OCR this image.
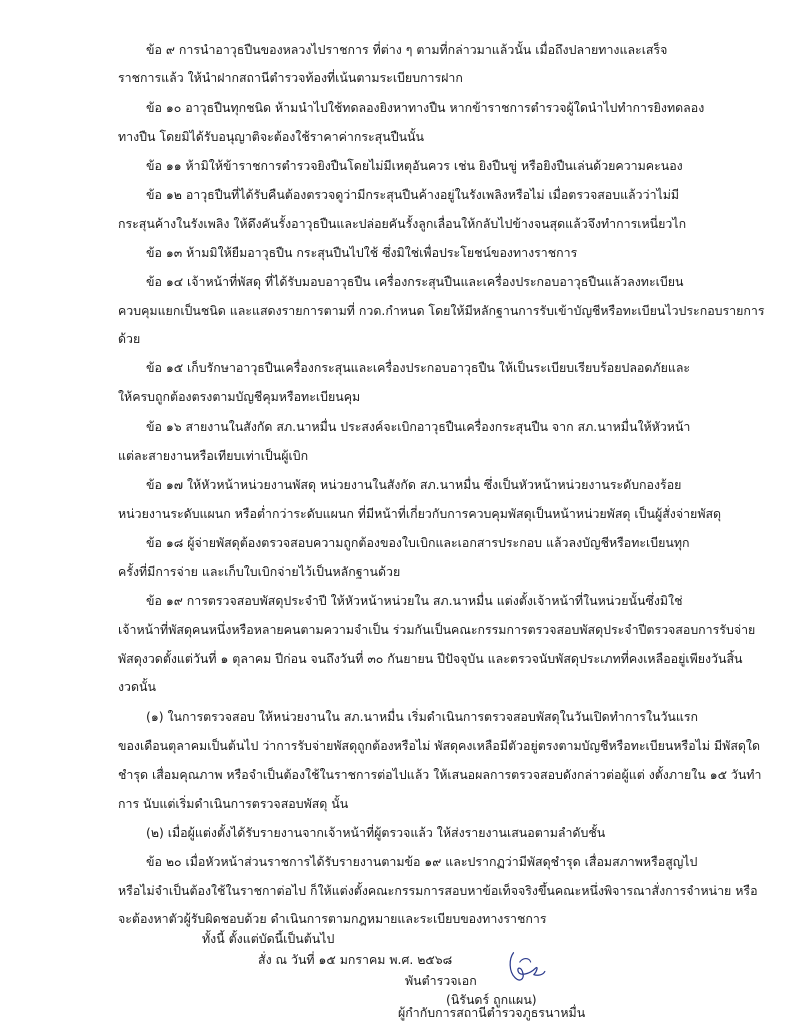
ข้อ ๙ การนำอาวุธปืนของหลวงไปราชการ ที่ต่าง ๆ ตามที่กล่าวมาแล้วนั้น เมื่อถึงปลายทางและเสร็จ
ราชการแล้ว ให้นำฝากสถานีตำรวจท้องที่เน้นตามระเบียบการฝาก
ข้อ ๑๐ อาวุธปืนทุกชนิด ห้ามนำไปใช้ทดลองยิงหาทางปืน หากข้าราชการตำรวจผู้ใดนำไปทำการยิงทดลอง
ทางปืน โดยมิได้รับอนุญาติจะต้องใช้ราคาค่ากระสุนปืนนั้น
ข้อ ๑๑ ห้ามิให้ข้าราชการตำรวจยิงปืนโดยไม่มีเหตุอันควร เช่น ยิงปืนขู่ หรือยิงปืนเล่นด้วยความคะนอง
ข้อ ๑๒ อาวุธปืนที่ได้รับคืนต้องตรวจดูว่ามีกระสุนปืนค้างอยู่ในรังเพลิงหรือไม่ เมื่อตรวจสอบแล้วว่าไม่มี
กระสุนค้างในรังเพลิง ให้ดึงคันรั้งอาวุธปืนและปล่อยคันรั้งลูกเลื่อนให้กลับไปข้างจนสุดแล้วจึงทำการเหนี่ยวไก
ข้อ ๑๓ ห้ามมิให้ยืมอาวุธปืน กระสุนปืนไปใช้ ซึ่งมิใช่เพื่อประโยชน์ของทางราชการ
ข้อ ๑๔ เจ้าหน้าที่พัสดุ ที่ได้รับมอบอาวุธปืน เครื่องกระสุนปืนและเครื่องประกอบอาวุธปืนแล้วลงทะเบียน
ควบคุมแยกเป็นชนิด และแสดงรายการตามที่ กวด.กำหนด โดยให้มีหลักฐานการรับเข้าบัญชีหรือทะเบียนไวประกอบรายการ
ด้วย
ข้อ ๑๕ เก็บรักษาอาวุธปืนเครื่องกระสุนและเครื่องประกอบอาวุธปืน ให้เป็นระเบียบเรียบร้อยปลอดภัยและ
ให้ครบถูกต้องตรงตามบัญชีคุมหรือทะเบียนคุม
ข้อ ๑๖ สายงานในสังกัด สภ.นาหมื่น ประสงค์จะเบิกอาวุธปืนเครื่องกระสุนปืน จาก สภ.นาหมื่นให้หัวหน้า
แต่ละสายงานหรือเทียบเท่าเป็นผู้เบิก
ข้อ ๑๗ ให้หัวหน้าหน่วยงานพัสดุ หน่วยงานในสังกัด สภ.นาหมื่น ซึ่งเป็นหัวหน้าหน่วยงานระดับกองร้อย
หน่วยงานระดับแผนก หรือต่ำกว่าระดับแผนก ที่มีหน้าที่เกี่ยวกับการควบคุมพัสดุเป็นหน้าหน่วยพัสดุ เป็นผู้สั่งจ่ายพัสดุ
ข้อ ๑๘ ผู้จ่ายพัสดุต้องตรวจสอบความถูกต้องของใบเบิกและเอกสารประกอบ แล้วลงบัญชีหรือทะเบียนทุก
ครั้งที่มีการจ่าย และเก็บใบเบิกจ่ายไว้เป็นหลักฐานด้วย
ข้อ ๑๙ การตรวจสอบพัสดุประจำปี ให้หัวหน้าหน่วยใน สภ.นาหมื่น แต่งตั้งเจ้าหน้าที่ในหน่วยนั้นซึ่งมิใช่
เจ้าหน้าที่พัสดุคนหนึ่งหรือหลายคนตามความจำเป็น ร่วมกันเป็นคณะกรรมการตรวจสอบพัสดุประจำปีตรวจสอบการรับจ่าย
พัสดุงวดตั้งแต่วันที่ ๑ ตุลาคม ปีก่อน จนถึงวันที่ ๓๐ กันยายน ปีปัจจุบัน และตรวจนับพัสดุประเภทที่คงเหลืออยู่เพียงวันสิ้น
งวดนั้น
(๑) ในการตรวจสอบ ให้หน่วยงานใน สภ.นาหมื่น เริ่มดำเนินการตรวจสอบพัสดุในวันเปิดทำการในวันแรก
ของเดือนตุลาคมเป็นต้นไป ว่าการรับจ่ายพัสดุถูกต้องหรือไม่ พัสดุคงเหลือมีตัวอยู่ตรงตามบัญชีหรือทะเบียนหรือไม่ มีพัสดุใด
ชำรุด เสื่อมคุณภาพ หรือจำเป็นต้องใช้ในราชการต่อไปแล้ว ให้เสนอผลการตรวจสอบดังกล่าวต่อผู้แต่ งตั้งภายใน ๑๕ วันทำ
การ นับแต่เริ่มดำเนินการตรวจสอบพัสดุ นั้น
(๒) เมื่อผู้แต่งตั้งได้รับรายงานจากเจ้าหน้าที่ผู้ตรวจแล้ว ให้ส่งรายงานเสนอตามลำดับชั้น
ข้อ ๒๐ เมื่อหัวหน้าส่วนราชการได้รับรายงานตามข้อ ๑๙ และปรากฏว่ามีพัสดุชำรุด เสื่อมสภาพหรือสูญไป
หรือไม่จำเป็นต้องใช้ในราชกาต่อไป ก็ให้แต่งตั้งคณะกรรมการสอบหาข้อเท็จจริงขึ้นคณะหนึ่งพิจารณาสั่งการจำหน่าย หรือ
จะต้องหาตัวผู้รับผิดชอบด้วย ดำเนินการตามกฎหมายและระเบียบของทางราชการ
ทั้งนี้ ตั้งแต่บัดนี้เป็นต้นไป
สั่ง ณ วันที่ ๑๕ มกราคม พ.ศ. ๒๕๖๘
พันตำรวจเอก
(นิรันดร์ ถูกแผน)
ผู้กำกับการสถานีตำรวจภูธรนาหมื่น
